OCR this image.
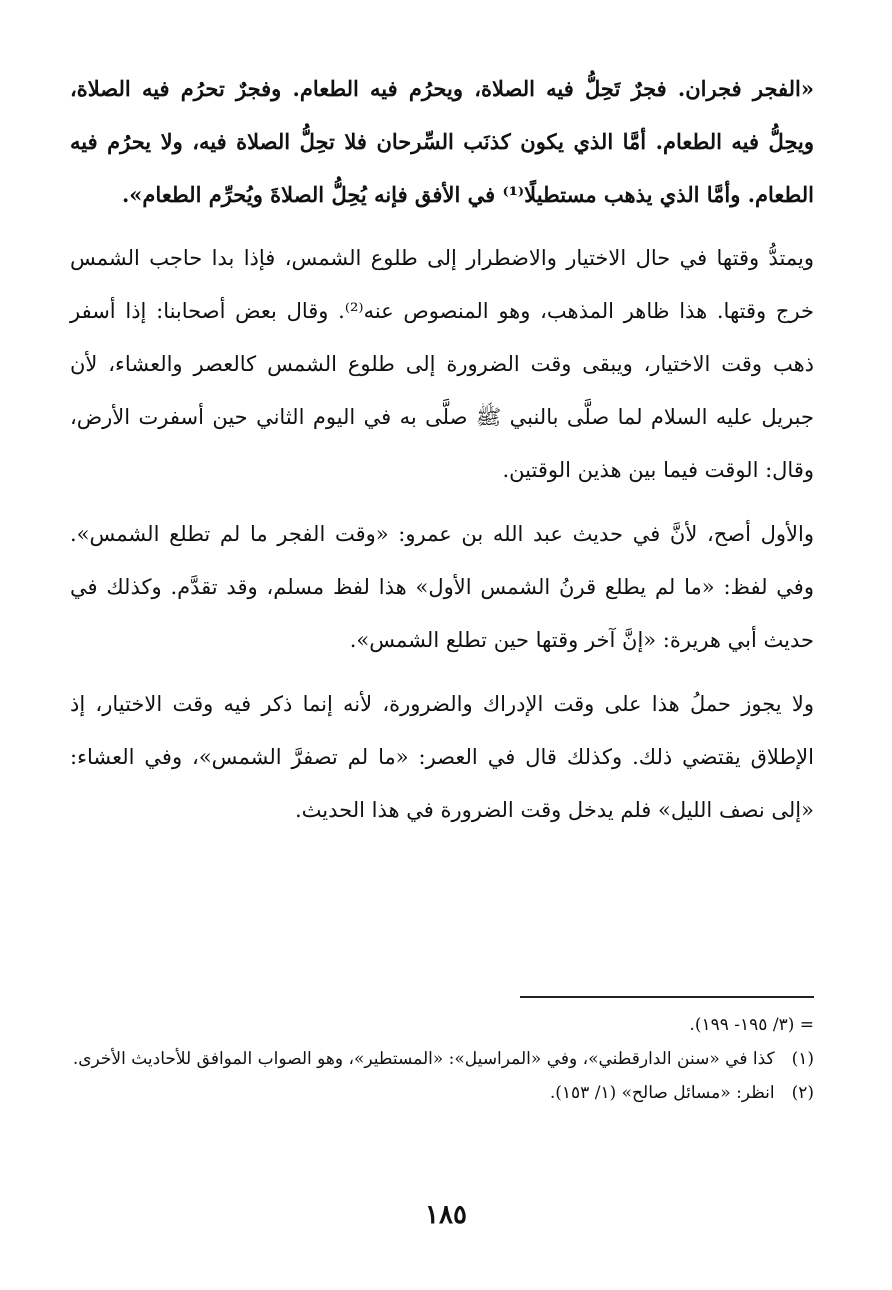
«الفجر فجران. فجرٌ تَحِلُّ فيه الصلاة، ويحرُم فيه الطعام. وفجرٌ تحرُم فيه الصلاة، ويحِلُّ فيه الطعام. أمَّا الذي يكون كذنَب السِّرحان فلا تحِلُّ الصلاة فيه، ولا يحرُم فيه الطعام. وأمَّا الذي يذهب مستطيلًا⁽¹⁾ في الأفق فإنه يُحِلُّ الصلاةَ ويُحرِّم الطعام».

ويمتدُّ وقتها في حال الاختيار والاضطرار إلى طلوع الشمس، فإذا بدا حاجب الشمس خرج وقتها. هذا ظاهر المذهب، وهو المنصوص عنه⁽²⁾. وقال بعض أصحابنا: إذا أسفر ذهب وقت الاختيار، ويبقى وقت الضرورة إلى طلوع الشمس كالعصر والعشاء، لأن جبريل عليه السلام لما صلَّى بالنبي ﷺ صلَّى به في اليوم الثاني حين أسفرت الأرض، وقال: الوقت فيما بين هذين الوقتين.

والأول أصح، لأنَّ في حديث عبد الله بن عمرو: «وقت الفجر ما لم تطلع الشمس». وفي لفظ: «ما لم يطلع قرنُ الشمس الأول» هذا لفظ مسلم، وقد تقدَّم. وكذلك في حديث أبي هريرة: «إنَّ آخر وقتها حين تطلع الشمس».

ولا يجوز حملُ هذا على وقت الإدراك والضرورة، لأنه إنما ذكر فيه وقت الاختيار، إذ الإطلاق يقتضي ذلك. وكذلك قال في العصر: «ما لم تصفرَّ الشمس»، وفي العشاء: «إلى نصف الليل» فلم يدخل وقت الضرورة في هذا الحديث.

= (٣/ ١٩٥- ١٩٩).

(١) كذا في «سنن الدارقطني»، وفي «المراسيل»: «المستطير»، وهو الصواب الموافق للأحاديث الأخرى.

(٢) انظر: «مسائل صالح» (١/ ١٥٣).

١٨٥
